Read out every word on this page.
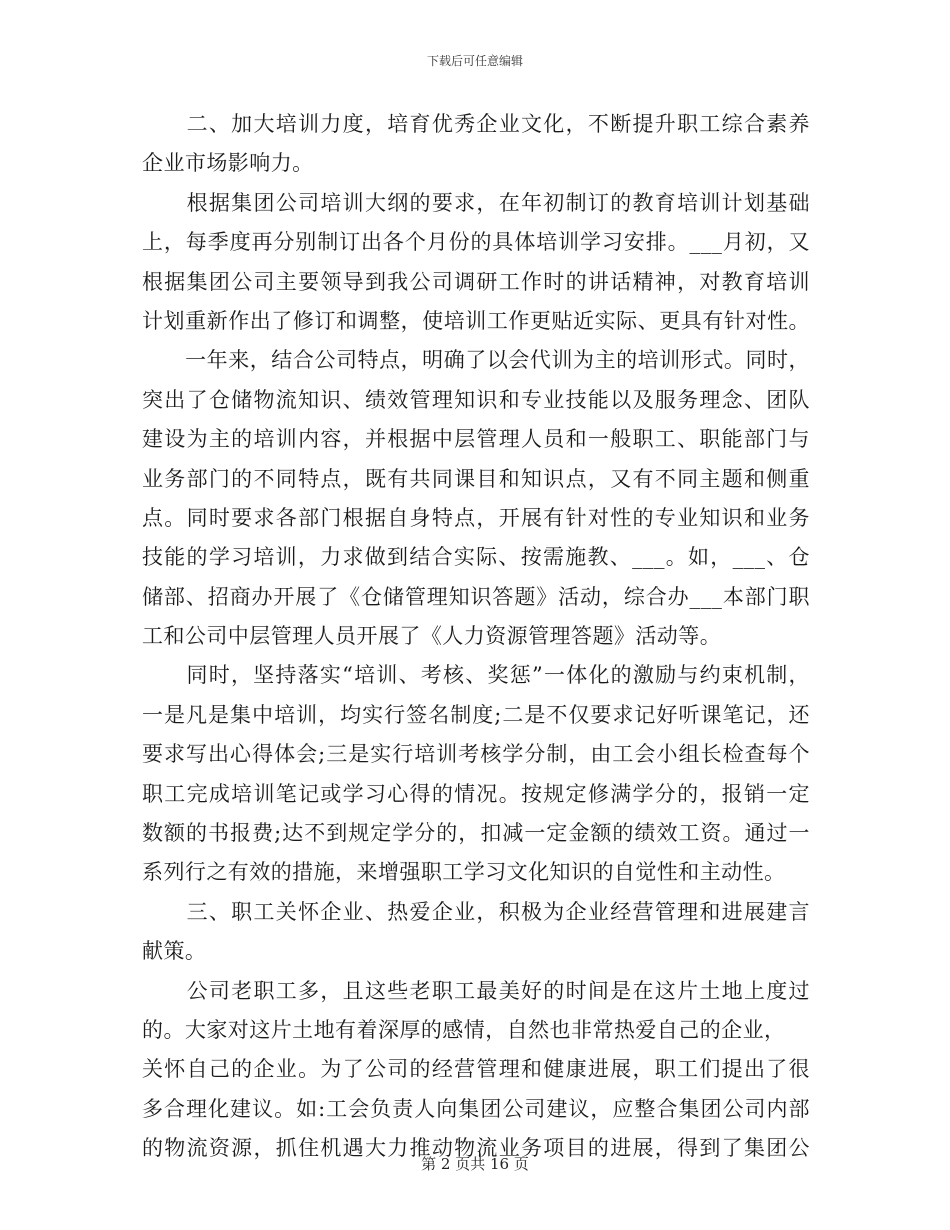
下载后可任意编辑
　　二、加大培训力度，培育优秀企业文化，不断提升职工综合素养
企业市场影响力。
　　根据集团公司培训大纲的要求，在年初制订的教育培训计划基础
上，每季度再分别制订出各个月份的具体培训学习安排。___月初，又
根据集团公司主要领导到我公司调研工作时的讲话精神，对教育培训
计划重新作出了修订和调整，使培训工作更贴近实际、更具有针对性。
　　一年来，结合公司特点，明确了以会代训为主的培训形式。同时，
突出了仓储物流知识、绩效管理知识和专业技能以及服务理念、团队
建设为主的培训内容，并根据中层管理人员和一般职工、职能部门与
业务部门的不同特点，既有共同课目和知识点，又有不同主题和侧重
点。同时要求各部门根据自身特点，开展有针对性的专业知识和业务
技能的学习培训，力求做到结合实际、按需施教、___。如，___、仓
储部、招商办开展了《仓储管理知识答题》活动，综合办___本部门职
工和公司中层管理人员开展了《人力资源管理答题》活动等。
　　同时，坚持落实“培训、考核、奖惩”一体化的激励与约束机制，
一是凡是集中培训，均实行签名制度;二是不仅要求记好听课笔记，还
要求写出心得体会;三是实行培训考核学分制，由工会小组长检查每个
职工完成培训笔记或学习心得的情况。按规定修满学分的，报销一定
数额的书报费;达不到规定学分的，扣减一定金额的绩效工资。通过一
系列行之有效的措施，来增强职工学习文化知识的自觉性和主动性。
　　三、职工关怀企业、热爱企业，积极为企业经营管理和进展建言
献策。
　　公司老职工多，且这些老职工最美好的时间是在这片土地上度过
的。大家对这片土地有着深厚的感情，自然也非常热爱自己的企业，
关怀自己的企业。为了公司的经营管理和健康进展，职工们提出了很
多合理化建议。如:工会负责人向集团公司建议，应整合集团公司内部
的物流资源，抓住机遇大力推动物流业务项目的进展，得到了集团公
第 2 页共 16 页
